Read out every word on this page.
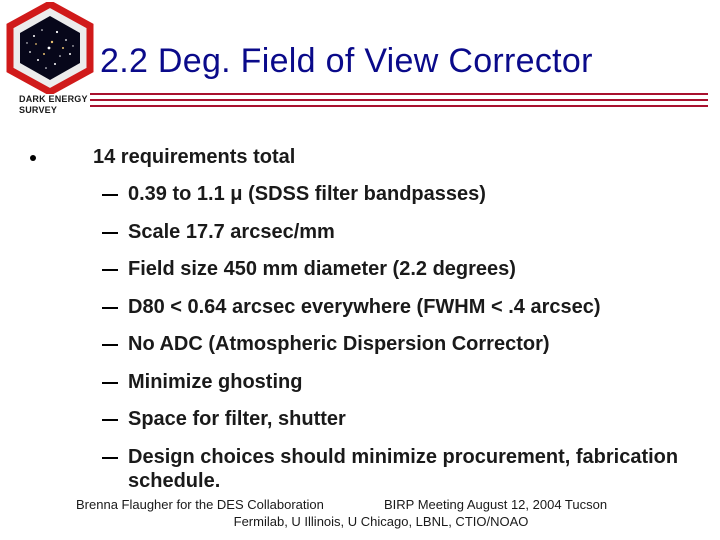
DARK ENERGY
SURVEY
2.2 Deg. Field of View Corrector
14 requirements total
0.39 to 1.1 μ (SDSS filter bandpasses)
Scale 17.7 arcsec/mm
Field size 450 mm diameter (2.2 degrees)
D80 < 0.64 arcsec everywhere (FWHM < .4 arcsec)
No ADC (Atmospheric Dispersion Corrector)
Minimize ghosting
Space for filter, shutter
Design choices should minimize procurement, fabrication schedule.
Brenna Flaugher for the DES Collaboration	BIRP Meeting August 12, 2004 Tucson
Fermilab, U Illinois, U Chicago, LBNL, CTIO/NOAO
